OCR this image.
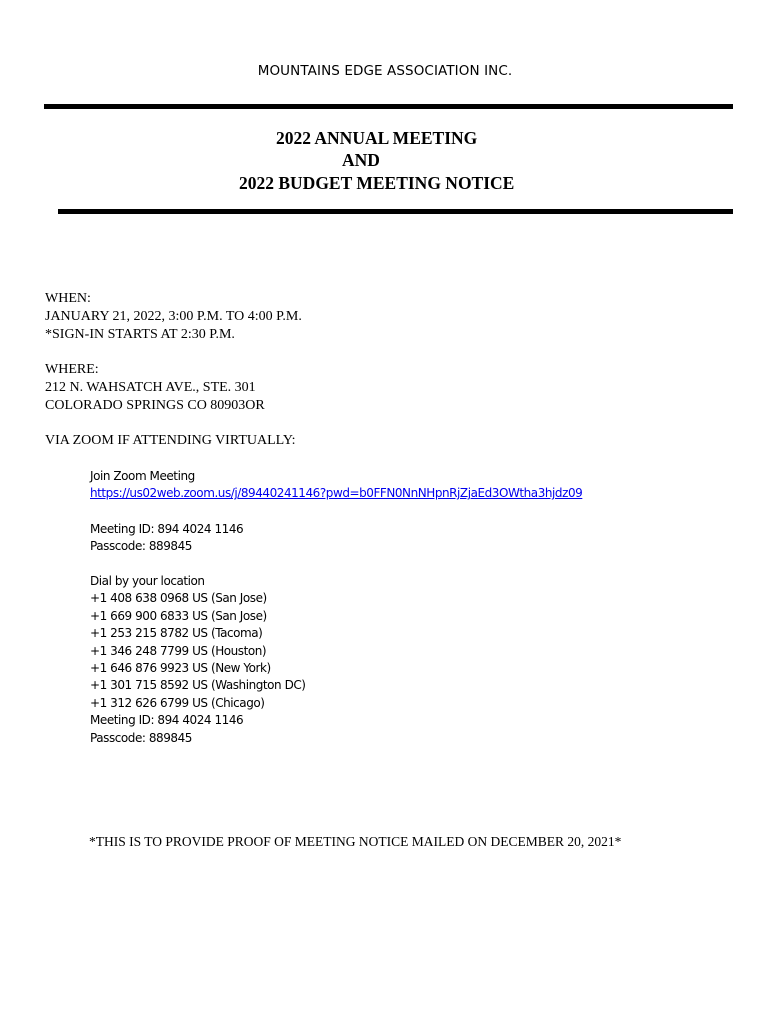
MOUNTAINS EDGE ASSOCIATION INC.
2022 ANNUAL MEETING
AND
2022 BUDGET MEETING NOTICE
WHEN:
JANUARY 21, 2022, 3:00 P.M. TO 4:00 P.M.
*SIGN-IN STARTS AT 2:30 P.M.
WHERE:
212 N. WAHSATCH AVE., STE. 301
COLORADO SPRINGS CO 80903OR
VIA ZOOM IF ATTENDING VIRTUALLY:
Join Zoom Meeting
https://us02web.zoom.us/j/89440241146?pwd=b0FFN0NnNHpnRjZjaEd3OWtha3hjdz09
Meeting ID: 894 4024 1146
Passcode: 889845
Dial by your location
+1 408 638 0968 US (San Jose)
+1 669 900 6833 US (San Jose)
+1 253 215 8782 US (Tacoma)
+1 346 248 7799 US (Houston)
+1 646 876 9923 US (New York)
+1 301 715 8592 US (Washington DC)
+1 312 626 6799 US (Chicago)
Meeting ID: 894 4024 1146
Passcode: 889845
*THIS IS TO PROVIDE PROOF OF MEETING NOTICE MAILED ON DECEMBER 20, 2021*
